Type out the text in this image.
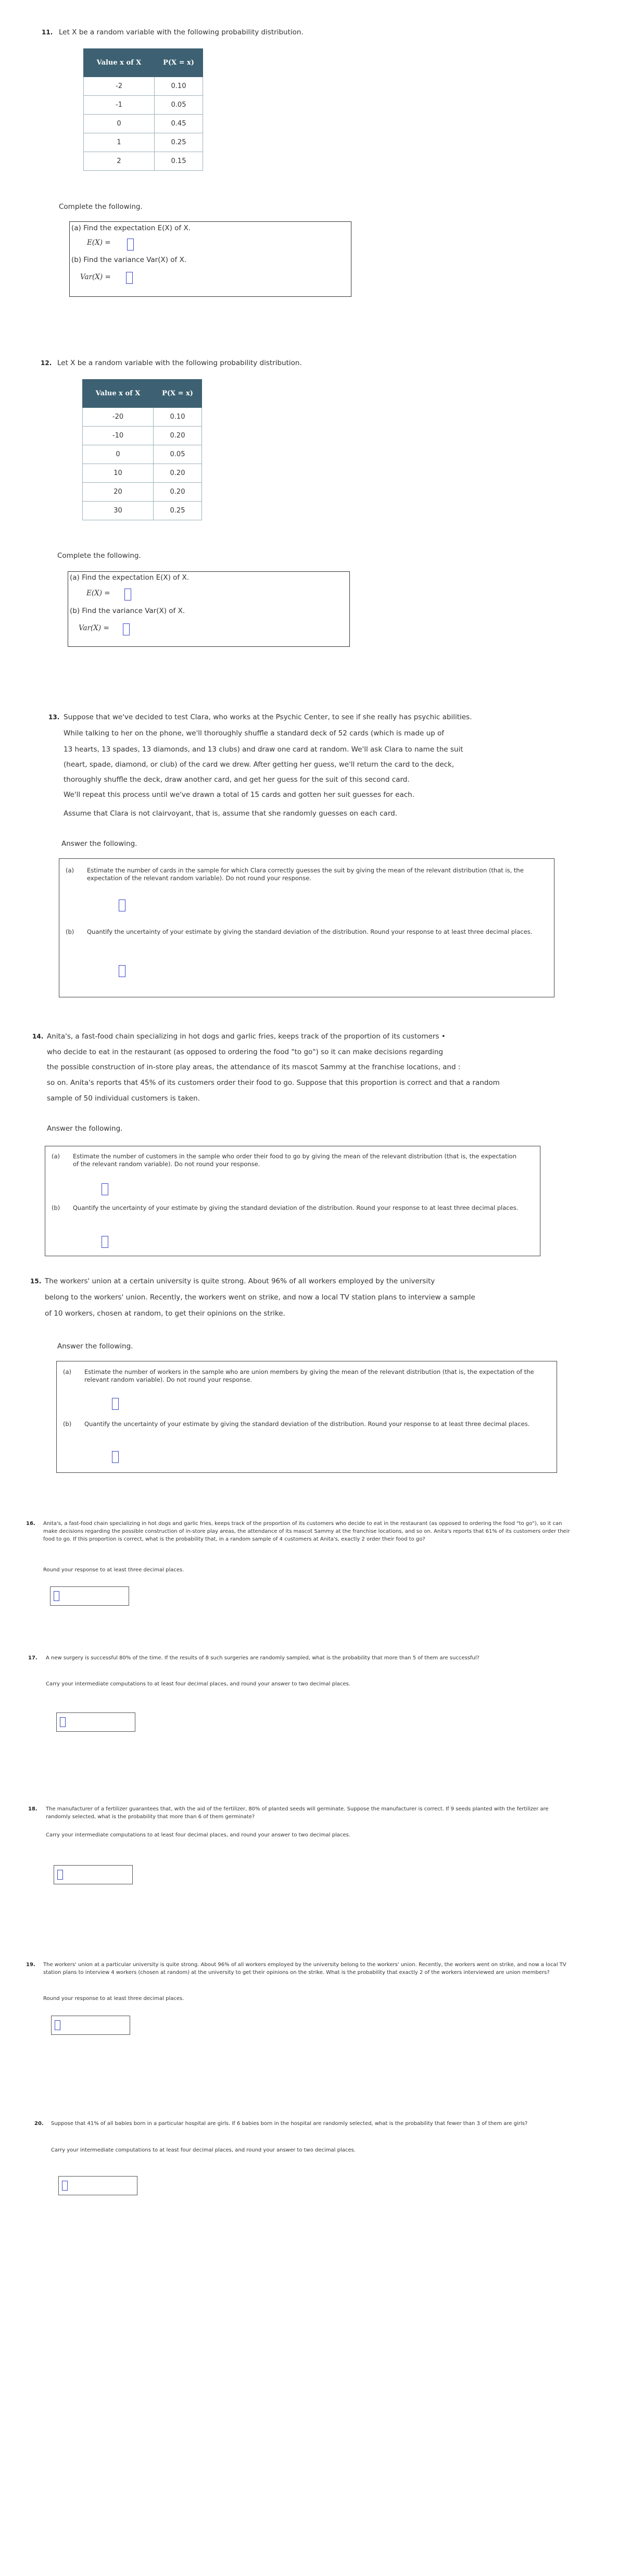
11. Let X be a random variable with the following probability distribution.
Value x of X	P(X = x)
-2	0.10
-1	0.05
0	0.45
1	0.25
2	0.15
Complete the following.
(a) Find the expectation E(X) of X.
E(X) =
(b) Find the variance Var(X) of X.
Var(X) =
12. Let X be a random variable with the following probability distribution.
Value x of X	P(X = x)
-20	0.10
-10	0.20
0	0.05
10	0.20
20	0.20
30	0.25
Complete the following.
(a) Find the expectation E(X) of X.
E(X) =
(b) Find the variance Var(X) of X.
Var(X) =
13. Suppose that we've decided to test Clara, who works at the Psychic Center, to see if she really has psychic abilities.
While talking to her on the phone, we'll thoroughly shuffle a standard deck of 52 cards (which is made up of
13 hearts, 13 spades, 13 diamonds, and 13 clubs) and draw one card at random. We'll ask Clara to name the suit
(heart, spade, diamond, or club) of the card we drew. After getting her guess, we'll return the card to the deck,
thoroughly shuffle the deck, draw another card, and get her guess for the suit of this second card.
We'll repeat this process until we've drawn a total of 15 cards and gotten her suit guesses for each.
Assume that Clara is not clairvoyant, that is, assume that she randomly guesses on each card.
Answer the following.
(a) Estimate the number of cards in the sample for which Clara correctly guesses the suit by giving the mean of the relevant distribution (that is, the expectation of the relevant random variable). Do not round your response.
(b) Quantify the uncertainty of your estimate by giving the standard deviation of the distribution. Round your response to at least three decimal places.
14. Anita's, a fast-food chain specializing in hot dogs and garlic fries, keeps track of the proportion of its customers •
who decide to eat in the restaurant (as opposed to ordering the food "to go") so it can make decisions regarding
the possible construction of in-store play areas, the attendance of its mascot Sammy at the franchise locations, and :
so on. Anita's reports that 45% of its customers order their food to go. Suppose that this proportion is correct and that a random
sample of 50 individual customers is taken.
Answer the following.
(a) Estimate the number of customers in the sample who order their food to go by giving the mean of the relevant distribution (that is, the expectation of the relevant random variable). Do not round your response.
(b) Quantify the uncertainty of your estimate by giving the standard deviation of the distribution. Round your response to at least three decimal places.
15. The workers' union at a certain university is quite strong. About 96% of all workers employed by the university
belong to the workers' union. Recently, the workers went on strike, and now a local TV station plans to interview a sample
of 10 workers, chosen at random, to get their opinions on the strike.
Answer the following.
(a) Estimate the number of workers in the sample who are union members by giving the mean of the relevant distribution (that is, the expectation of the relevant random variable). Do not round your response.
(b) Quantify the uncertainty of your estimate by giving the standard deviation of the distribution. Round your response to at least three decimal places.
16. Anita's, a fast-food chain specializing in hot dogs and garlic fries, keeps track of the proportion of its customers who decide to eat in the restaurant (as opposed to ordering the food "to go"), so it can make decisions regarding the possible construction of in-store play areas, the attendance of its mascot Sammy at the franchise locations, and so on. Anita's reports that 61% of its customers order their food to go. If this proportion is correct, what is the probability that, in a random sample of 4 customers at Anita's, exactly 2 order their food to go?
Round your response to at least three decimal places.
17. A new surgery is successful 80% of the time. If the results of 8 such surgeries are randomly sampled, what is the probability that more than 5 of them are successful?
Carry your intermediate computations to at least four decimal places, and round your answer to two decimal places.
18. The manufacturer of a fertilizer guarantees that, with the aid of the fertilizer, 80% of planted seeds will germinate. Suppose the manufacturer is correct. If 9 seeds planted with the fertilizer are randomly selected, what is the probability that more than 6 of them germinate?
Carry your intermediate computations to at least four decimal places, and round your answer to two decimal places.
19. The workers' union at a particular university is quite strong. About 96% of all workers employed by the university belong to the workers' union. Recently, the workers went on strike, and now a local TV station plans to interview 4 workers (chosen at random) at the university to get their opinions on the strike. What is the probability that exactly 2 of the workers interviewed are union members?
Round your response to at least three decimal places.
20. Suppose that 41% of all babies born in a particular hospital are girls. If 6 babies born in the hospital are randomly selected, what is the probability that fewer than 3 of them are girls?
Carry your intermediate computations to at least four decimal places, and round your answer to two decimal places.
